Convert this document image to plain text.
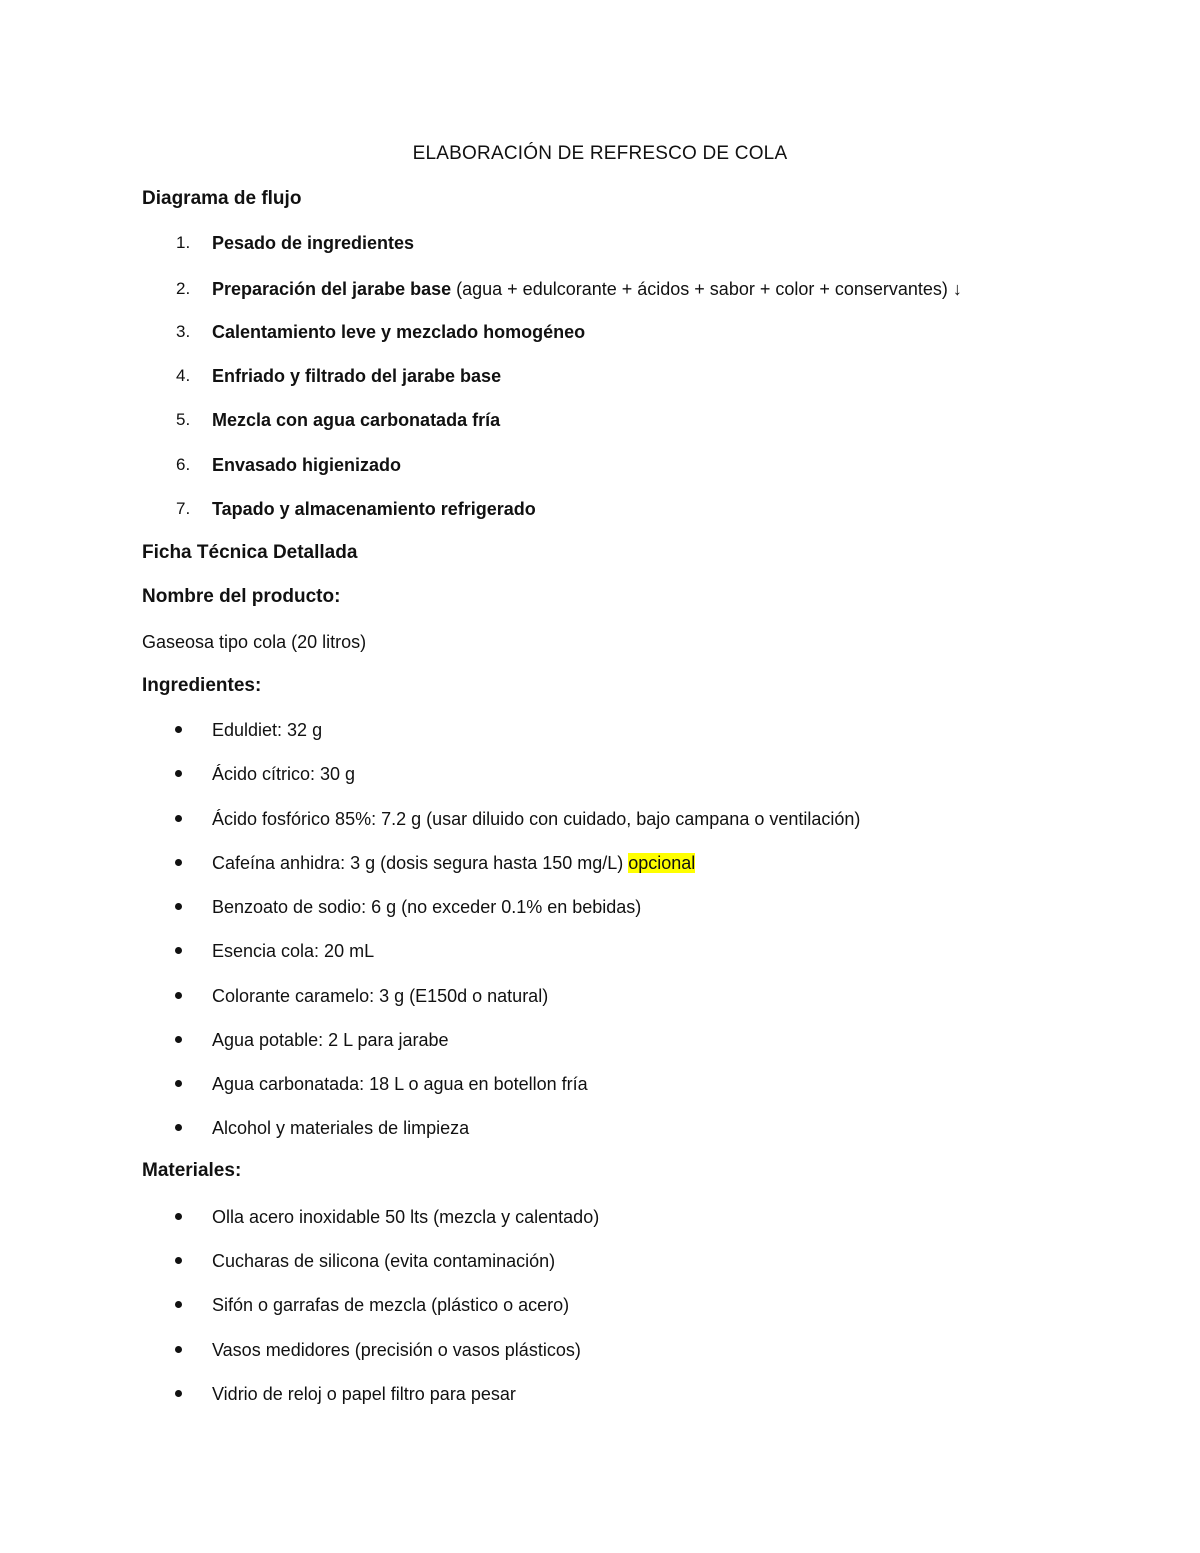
ELABORACIÓN DE REFRESCO DE COLA
Diagrama de flujo
1. Pesado de ingredientes
2. Preparación del jarabe base (agua + edulcorante + ácidos + sabor + color + conservantes) ↓
3. Calentamiento leve y mezclado homogéneo
4. Enfriado y filtrado del jarabe base
5. Mezcla con agua carbonatada fría
6. Envasado higienizado
7. Tapado y almacenamiento refrigerado
Ficha Técnica Detallada
Nombre del producto:
Gaseosa tipo cola (20 litros)
Ingredientes:
Eduldiet: 32 g
Ácido cítrico: 30 g
Ácido fosfórico 85%: 7.2 g (usar diluido con cuidado, bajo campana o ventilación)
Cafeína anhidra: 3 g (dosis segura hasta 150 mg/L) opcional
Benzoato de sodio: 6 g (no exceder 0.1% en bebidas)
Esencia cola: 20 mL
Colorante caramelo: 3 g (E150d o natural)
Agua potable: 2 L para jarabe
Agua carbonatada: 18 L o agua en botellon fría
Alcohol y materiales de limpieza
Materiales:
Olla acero inoxidable 50 lts (mezcla y calentado)
Cucharas de silicona (evita contaminación)
Sifón o garrafas de mezcla (plástico o acero)
Vasos medidores (precisión o vasos plásticos)
Vidrio de reloj o papel filtro para pesar
